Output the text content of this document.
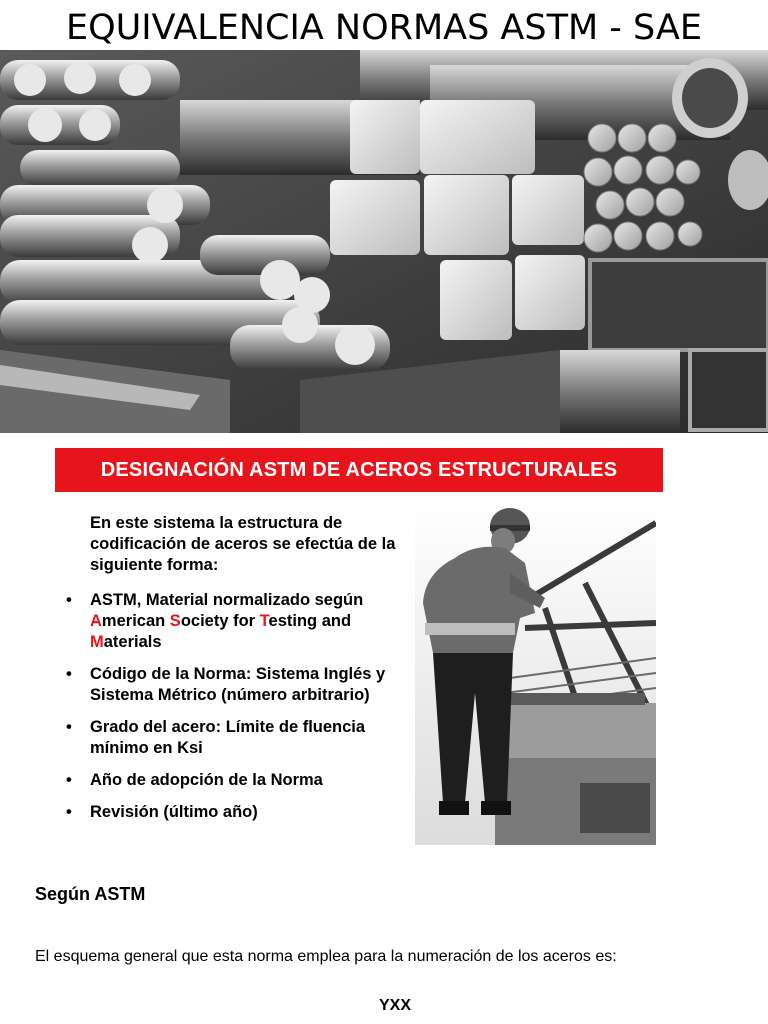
EQUIVALENCIA NORMAS ASTM - SAE
DESIGNACIÓN ASTM DE ACEROS ESTRUCTURALES
En este sistema la estructura de codificación de aceros se efectúa de la siguiente forma:
• ASTM, Material normalizado según American Society for Testing and Materials
• Código de la Norma: Sistema Inglés y Sistema Métrico (número arbitrario)
• Grado del acero: Límite de fluencia mínimo en Ksi
• Año de adopción de la Norma
• Revisión (último año)
Según ASTM
El esquema general que esta norma emplea para la numeración de los aceros es:
YXX
